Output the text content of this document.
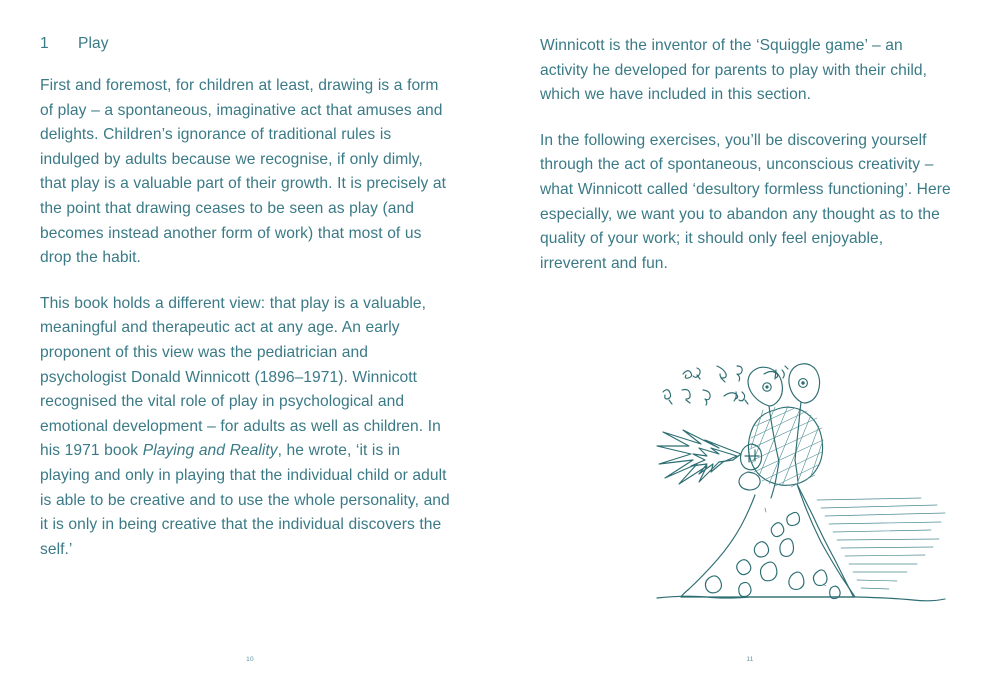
1	Play

First and foremost, for children at least, drawing is a form of play – a spontaneous, imaginative act that amuses and delights. Children’s ignorance of traditional rules is indulged by adults because we recognise, if only dimly, that play is a valuable part of their growth. It is precisely at the point that drawing ceases to be seen as play (and becomes instead another form of work) that most of us drop the habit.

This book holds a different view: that play is a valuable, meaningful and therapeutic act at any age. An early proponent of this view was the pediatrician and psychologist Donald Winnicott (1896–1971). Winnicott recognised the vital role of play in psychological and emotional development – for adults as well as children. In his 1971 book Playing and Reality, he wrote, ‘it is in playing and only in playing that the individual child or adult is able to be creative and to use the whole personality, and it is only in being creative that the individual discovers the self.’

10

Winnicott is the inventor of the ‘Squiggle game’ – an activity he developed for parents to play with their child, which we have included in this section.

In the following exercises, you’ll be discovering yourself through the act of spontaneous, unconscious creativity – what Winnicott called ‘desultory formless functioning’. Here especially, we want you to abandon any thought as to the quality of your work; it should only feel enjoyable, irreverent and fun.

11
